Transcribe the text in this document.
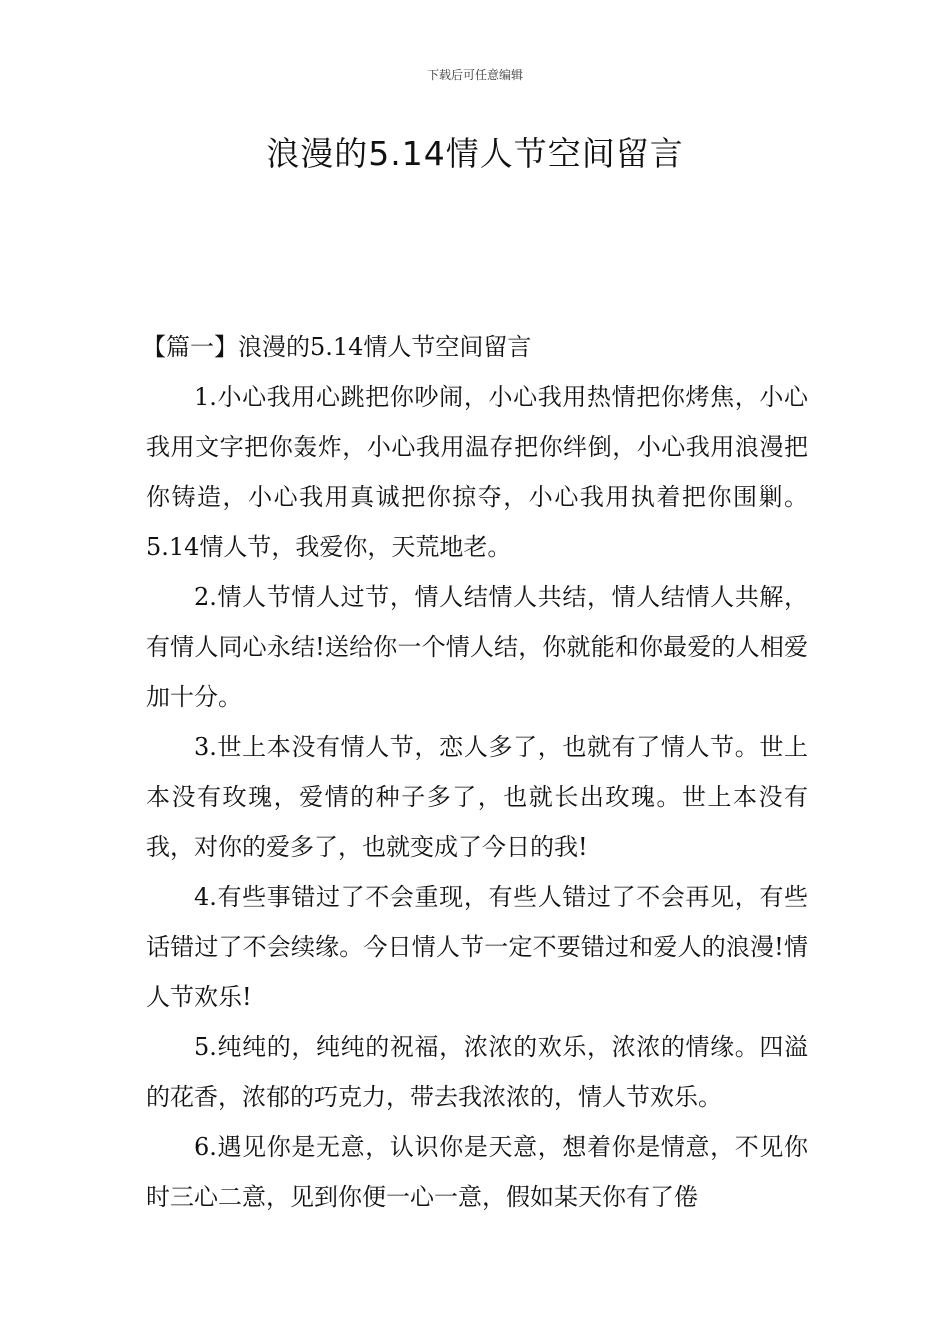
下载后可任意编辑
浪漫的5.14情人节空间留言
【篇一】浪漫的5.14情人节空间留言

1.小心我用心跳把你吵闹，小心我用热情把你烤焦，小心我用文字把你轰炸，小心我用温存把你绊倒，小心我用浪漫把你铸造，小心我用真诚把你掠夺，小心我用执着把你围剿。5.14情人节，我爱你，天荒地老。

2.情人节情人过节，情人结情人共结，情人结情人共解，有情人同心永结!送给你一个情人结，你就能和你最爱的人相爱加十分。

3.世上本没有情人节，恋人多了，也就有了情人节。世上本没有玫瑰，爱情的种子多了，也就长出玫瑰。世上本没有我，对你的爱多了，也就变成了今日的我!

4.有些事错过了不会重现，有些人错过了不会再见，有些话错过了不会续缘。今日情人节一定不要错过和爱人的浪漫!情人节欢乐!

5.纯纯的，纯纯的祝福，浓浓的欢乐，浓浓的情缘。四溢的花香，浓郁的巧克力，带去我浓浓的，情人节欢乐。

6.遇见你是无意，认识你是天意，想着你是情意，不见你时三心二意，见到你便一心一意，假如某天你有了倦
